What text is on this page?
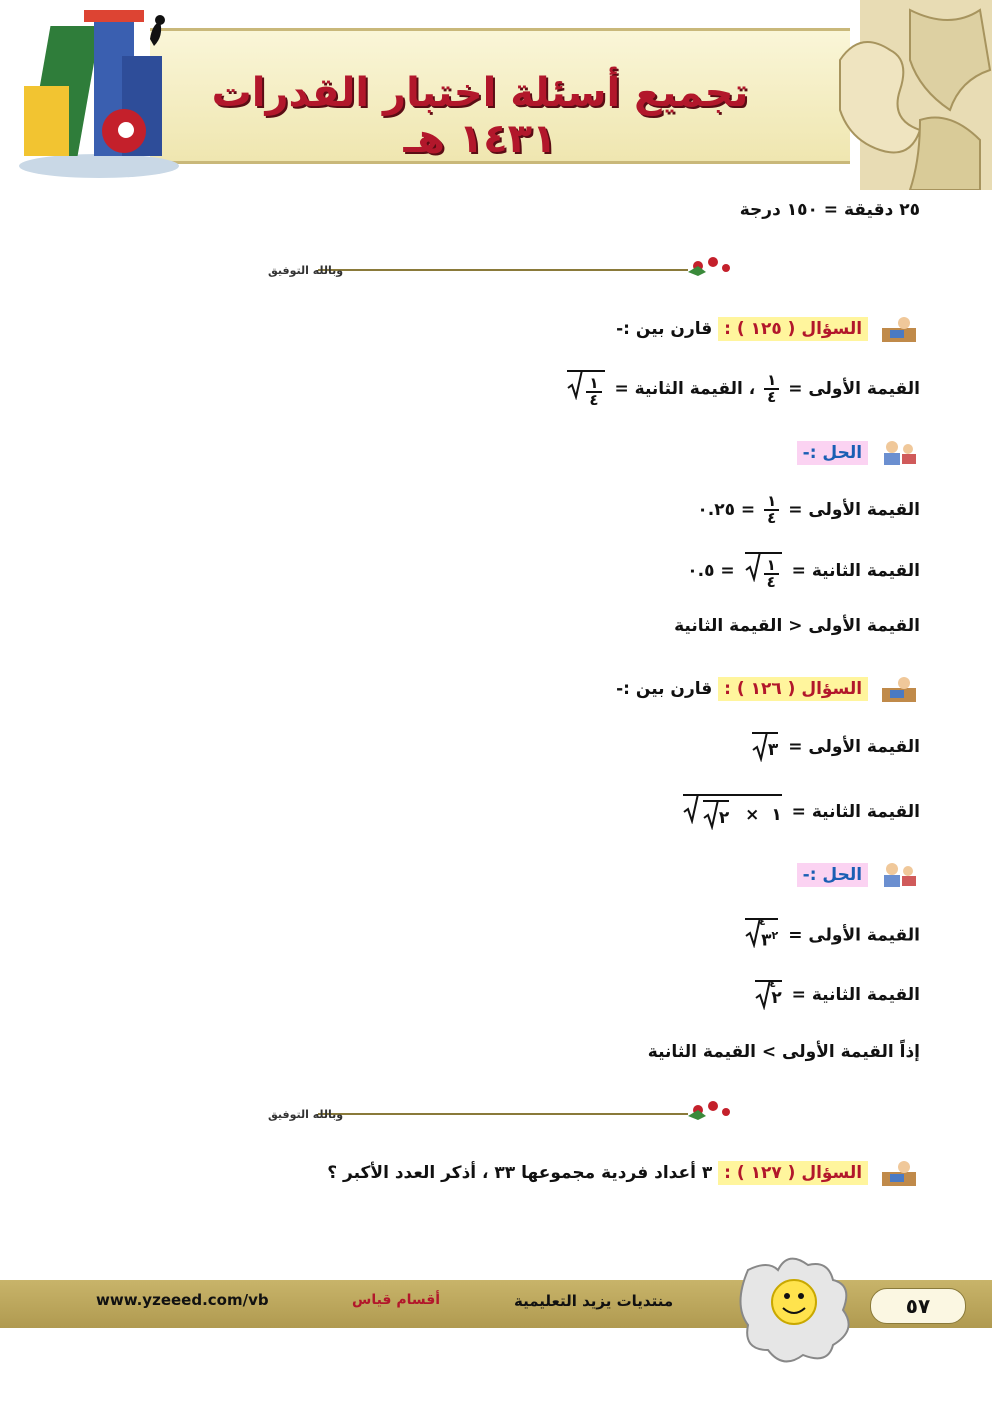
تجميع أسئلة اختبار القدرات ١٤٣١ هـ
٢٥ دقيقة = ١٥٠ درجة
وبالله التوفيق
السؤال ( ١٢٥ ) : قارن بين :-
القيمة الأولى =
$\frac{١}{٤}$
، القيمة الثانية =
$\frac{١}{٤}$
الحل :-
القيمة الأولى =
$\frac{١}{٤}$
= ٠.٢٥
القيمة الثانية =
$\frac{١}{٤}$
= ٠.٥
القيمة الأولى < القيمة الثانية
السؤال ( ١٢٦ ) : قارن بين :-
القيمة الأولى =
٣
القيمة الثانية =
١ ×
٢
الحل :-
القيمة الأولى =
٤
$٣^٢$
القيمة الثانية =
٤
٢
إذاً القيمة الأولى > القيمة الثانية
وبالله التوفيق
السؤال ( ١٢٧ ) : ٣ أعداد فردية مجموعها ٣٣ ، أذكر العدد الأكبر ؟
www.yzeeed.com/vb	أقسام قياس	منتديات يزيد التعليمية	٥٧
